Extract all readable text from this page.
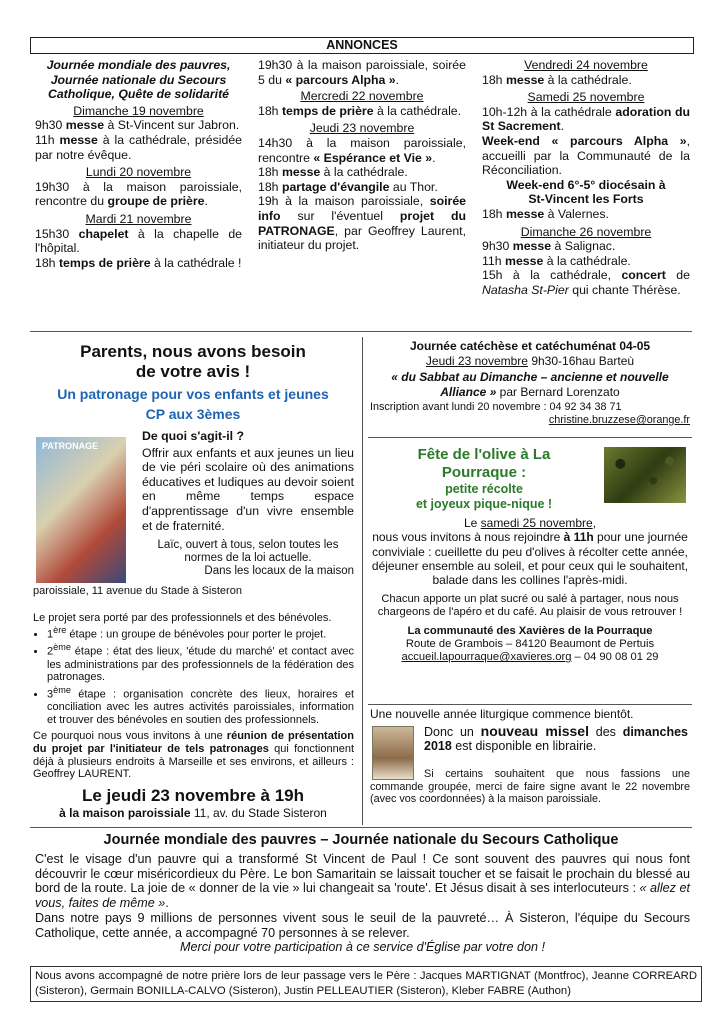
ANNONCES
Journée mondiale des pauvres, Journée nationale du Secours Catholique, Quête de solidarité
Dimanche 19 novembre
9h30 messe à St-Vincent sur Jabron.
11h messe à la cathédrale, présidée par notre évêque.
Lundi 20 novembre
19h30 à la maison paroissiale, rencontre du groupe de prière.
Mardi 21 novembre
15h30 chapelet à la chapelle de l'hôpital.
18h temps de prière à la cathédrale !
19h30 à la maison paroissiale, soirée 5 du « parcours Alpha ».
Mercredi 22 novembre
18h temps de prière à la cathédrale.
Jeudi 23 novembre
14h30 à la maison paroissiale, rencontre « Espérance et Vie ».
18h messe à la cathédrale.
18h partage d'évangile au Thor.
19h à la maison paroissiale, soirée info sur l'éventuel projet du PATRONAGE, par Geoffrey Laurent, initiateur du projet.
Vendredi 24 novembre
18h messe à la cathédrale.
Samedi 25 novembre
10h-12h à la cathédrale adoration du St Sacrement.
Week-end « parcours Alpha », accueilli par la Communauté de la Réconciliation.
Week-end 6°-5° diocésain à
St-Vincent les Forts
18h messe à Valernes.
Dimanche 26 novembre
9h30 messe à Salignac.
11h messe à la cathédrale.
15h à la cathédrale, concert de Natasha St-Pier qui chante Thérèse.
Parents, nous avons besoin
de votre avis !
Un patronage pour vos enfants et jeunes
CP aux 3èmes
PATRONAGE
De quoi s'agit-il ?
Offrir aux enfants et aux jeunes un lieu de vie péri scolaire où des animations éducatives et ludiques au devoir soient en même temps espace d'apprentissage d'un vivre ensemble et de fraternité.
Laïc, ouvert à tous, selon toutes les normes de la loi actuelle.
Dans les locaux de la maison
paroissiale, 11 avenue du Stade à Sisteron
Le projet sera porté par des professionnels et des bénévoles.
• 1ère étape : un groupe de bénévoles pour porter le projet.
• 2ème étape : état des lieux, 'étude du marché' et contact avec les administrations par des professionnels de la fédération des patronages.
• 3ème étape : organisation concrète des lieux, horaires et conciliation avec les autres activités paroissiales, information et trouver des bénévoles en soutien des professionnels.
Ce pourquoi nous vous invitons à une réunion de présentation du projet par l'initiateur de tels patronages qui fonctionnent déjà à plusieurs endroits à Marseille et ses environs, et ailleurs : Geoffrey LAURENT.
Le jeudi 23 novembre à 19h
à la maison paroissiale 11, av. du Stade Sisteron
Journée catéchèse et catéchuménat 04-05
Jeudi 23 novembre 9h30-16hau Barteù
« du Sabbat au Dimanche – ancienne et nouvelle Alliance » par Bernard Lorenzato
Inscription avant lundi 20 novembre : 04 92 34 38 71
christine.bruzzese@orange.fr
Fête de l'olive à La
Pourraque :
petite récolte
et joyeux pique-nique !
Le samedi 25 novembre,
nous vous invitons à nous rejoindre à 11h pour une journée conviviale : cueillette du peu d'olives à récolter cette année, déjeuner ensemble au soleil, et pour ceux qui le souhaitent, balade dans les collines l'après-midi.
Chacun apporte un plat sucré ou salé à partager, nous nous chargeons de l'apéro et du café. Au plaisir de vous retrouver !
La communauté des Xavières de la Pourraque
Route de Grambois – 84120 Beaumont de Pertuis
accueil.lapourraque@xavieres.org – 04 90 08 01 29
Une nouvelle année liturgique commence bientôt.
Donc un nouveau missel des dimanches 2018 est disponible en librairie.
Si certains souhaitent que nous fassions une commande groupée, merci de faire signe avant le 22 novembre (avec vos coordonnées) à la maison paroissiale.
Journée mondiale des pauvres – Journée nationale du Secours Catholique
C'est le visage d'un pauvre qui a transformé St Vincent de Paul ! Ce sont souvent des pauvres qui nous font découvrir le cœur miséricordieux du Père. Le bon Samaritain se laissait toucher et se faisait le prochain du blessé au bord de la route. La joie de « donner de la vie » lui changeait sa 'route'. Et Jésus disait à ses interlocuteurs : « allez et vous, faites de même ».
Dans notre pays 9 millions de personnes vivent sous le seuil de la pauvreté… À Sisteron, l'équipe du Secours Catholique, cette année, a accompagné 70 personnes à se relever.
Merci pour votre participation à ce service d'Église par votre don !
Nous avons accompagné de notre prière lors de leur passage vers le Père : Jacques MARTIGNAT (Montfroc), Jeanne CORREARD (Sisteron), Germain BONILLA-CALVO (Sisteron), Justin PELLEAUTIER (Sisteron), Kleber FABRE (Authon)
